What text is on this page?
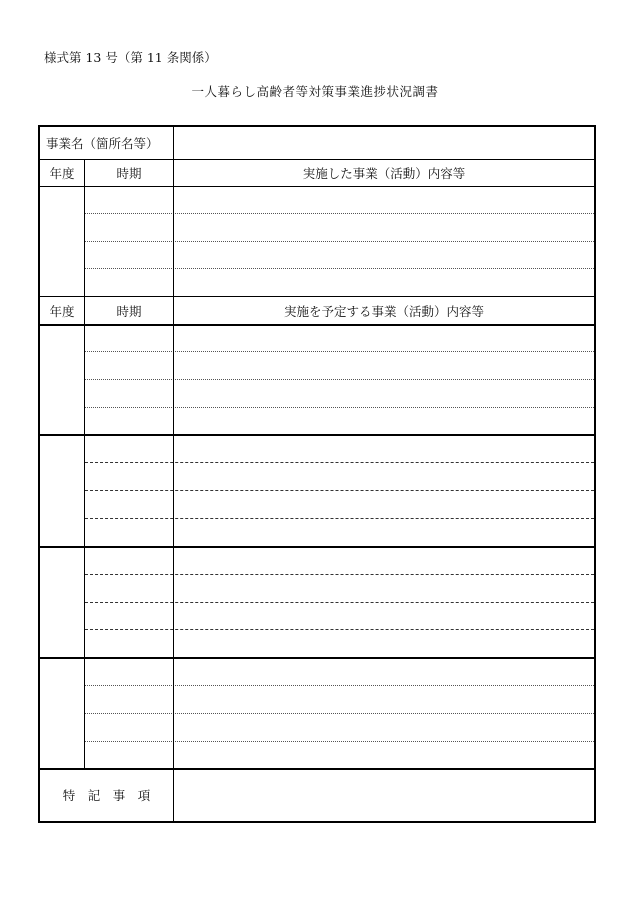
様式第 13 号（第 11 条関係）
一人暮らし高齢者等対策事業進捗状況調書
事業名（箇所名等）
年度	時期	実施した事業（活動）内容等
年度	時期	実施を予定する事業（活動）内容等
特　記　事　項
